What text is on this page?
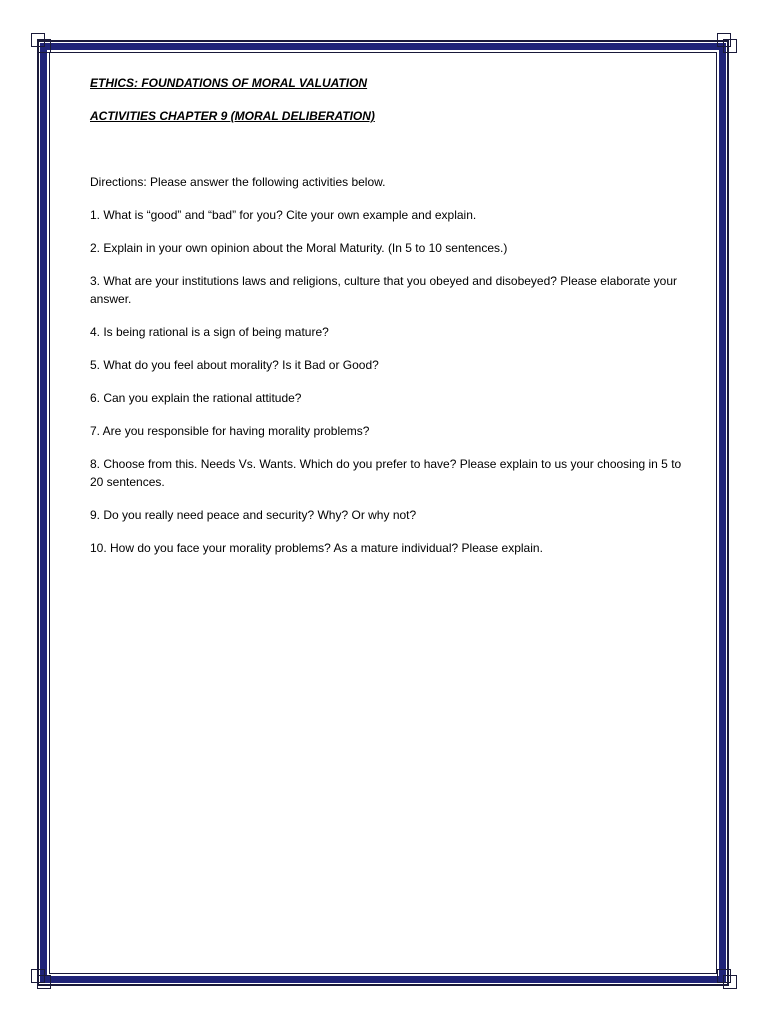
ETHICS: FOUNDATIONS OF MORAL VALUATION

ACTIVITIES CHAPTER 9 (MORAL DELIBERATION)

Directions: Please answer the following activities below.

1. What is “good” and “bad” for you? Cite your own example and explain.

2. Explain in your own opinion about the Moral Maturity. (In 5 to 10 sentences.)

3. What are your institutions laws and religions, culture that you obeyed and disobeyed? Please elaborate your answer.

4. Is being rational is a sign of being mature?

5. What do you feel about morality? Is it Bad or Good?

6. Can you explain the rational attitude?

7. Are you responsible for having morality problems?

8. Choose from this. Needs Vs. Wants. Which do you prefer to have? Please explain to us your choosing in 5 to 20 sentences.

9. Do you really need peace and security? Why? Or why not?

10. How do you face your morality problems? As a mature individual? Please explain.
